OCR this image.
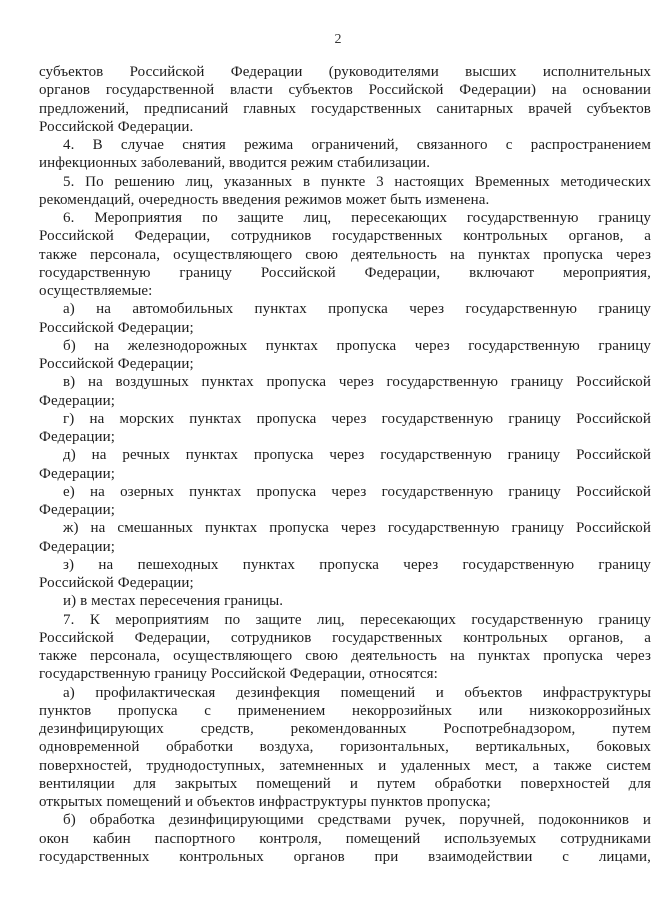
2
субъектов Российской Федерации (руководителями высших исполнительных
органов государственной власти субъектов Российской Федерации) на основании
предложений, предписаний главных государственных санитарных врачей субъектов
Российской Федерации.
4. В случае снятия режима ограничений, связанного с распространением
инфекционных заболеваний, вводится режим стабилизации.
5. По решению лиц, указанных в пункте 3 настоящих Временных методических
рекомендаций, очередность введения режимов может быть изменена.
6. Мероприятия по защите лиц, пересекающих государственную границу
Российской Федерации, сотрудников государственных контрольных органов, а
также персонала, осуществляющего свою деятельность на пунктах пропуска через
государственную границу Российской Федерации, включают мероприятия,
осуществляемые:
а) на автомобильных пунктах пропуска через государственную границу
Российской Федерации;
б) на железнодорожных пунктах пропуска через государственную границу
Российской Федерации;
в) на воздушных пунктах пропуска через государственную границу Российской
Федерации;
г) на морских пунктах пропуска через государственную границу Российской
Федерации;
д) на речных пунктах пропуска через государственную границу Российской
Федерации;
е) на озерных пунктах пропуска через государственную границу Российской
Федерации;
ж) на смешанных пунктах пропуска через государственную границу Российской
Федерации;
з) на пешеходных пунктах пропуска через государственную границу
Российской Федерации;
и) в местах пересечения границы.
7. К мероприятиям по защите лиц, пересекающих государственную границу
Российской Федерации, сотрудников государственных контрольных органов, а
также персонала, осуществляющего свою деятельность на пунктах пропуска через
государственную границу Российской Федерации, относятся:
а) профилактическая дезинфекция помещений и объектов инфраструктуры
пунктов пропуска с применением некоррозийных или низкокоррозийных
дезинфицирующих средств, рекомендованных Роспотребнадзором, путем
одновременной обработки воздуха, горизонтальных, вертикальных, боковых
поверхностей, труднодоступных, затемненных и удаленных мест, а также систем
вентиляции для закрытых помещений и путем обработки поверхностей для
открытых помещений и объектов инфраструктуры пунктов пропуска;
б) обработка дезинфицирующими средствами ручек, поручней, подоконников и
окон кабин паспортного контроля, помещений используемых сотрудниками
государственных контрольных органов при взаимодействии с лицами,
